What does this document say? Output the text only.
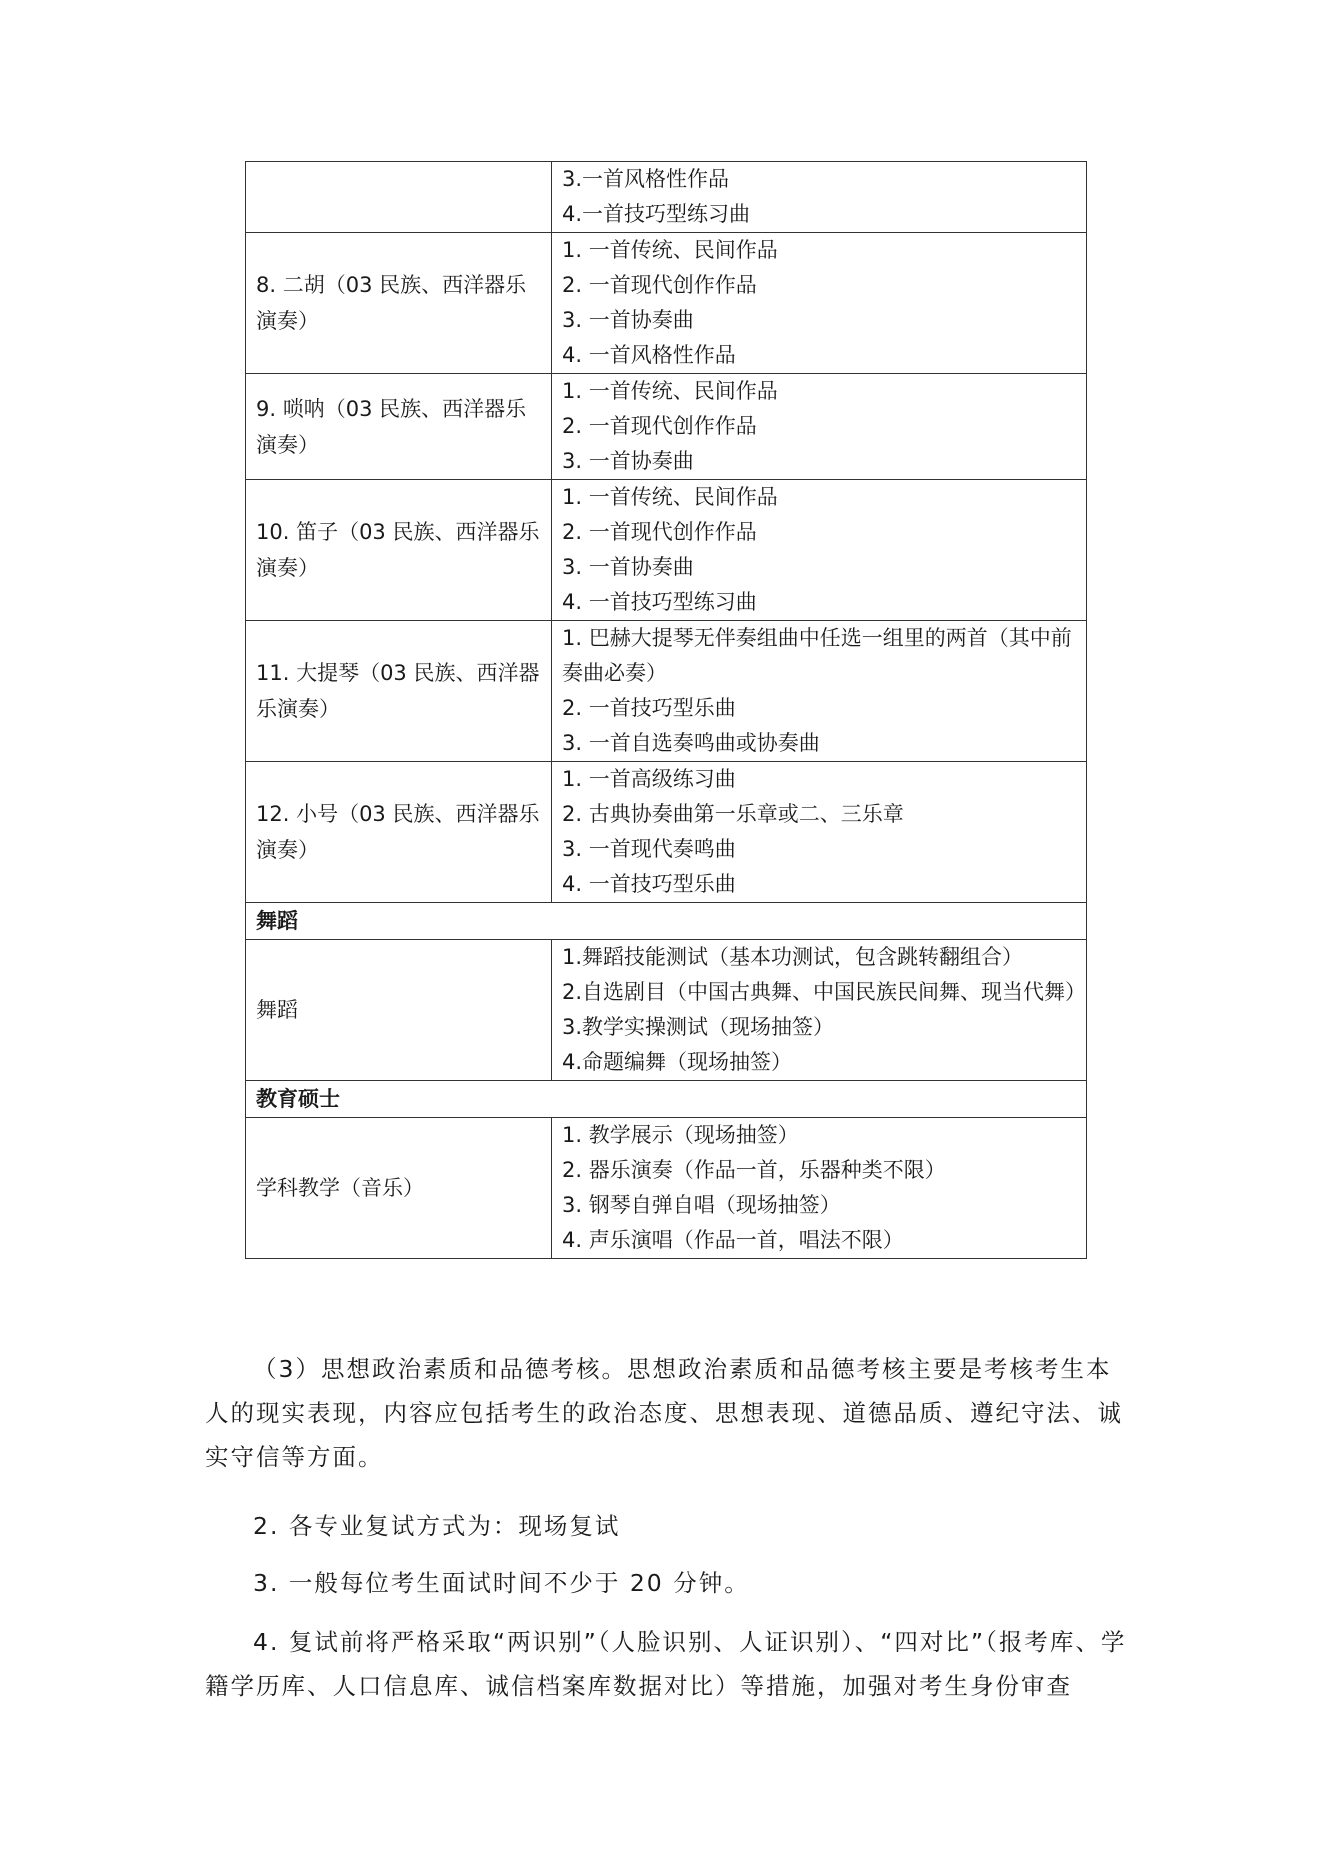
	3.一首风格性作品
4.一首技巧型练习曲

8. 二胡（03 民族、西洋器乐演奏）	1. 一首传统、民间作品
2. 一首现代创作作品
3. 一首协奏曲
4. 一首风格性作品

9. 唢呐（03 民族、西洋器乐演奏）	1. 一首传统、民间作品
2. 一首现代创作作品
3. 一首协奏曲

10. 笛子（03 民族、西洋器乐演奏）	1. 一首传统、民间作品
2. 一首现代创作作品
3. 一首协奏曲
4. 一首技巧型练习曲

11. 大提琴（03 民族、西洋器乐演奏）	1. 巴赫大提琴无伴奏组曲中任选一组里的两首（其中前奏曲必奏）
2. 一首技巧型乐曲
3. 一首自选奏鸣曲或协奏曲

12. 小号（03 民族、西洋器乐演奏）	1. 一首高级练习曲
2. 古典协奏曲第一乐章或二、三乐章
3. 一首现代奏鸣曲
4. 一首技巧型乐曲

舞蹈	
舞蹈	1.舞蹈技能测试（基本功测试，包含跳转翻组合）
2.自选剧目（中国古典舞、中国民族民间舞、现当代舞）
3.教学实操测试（现场抽签）
4.命题编舞（现场抽签）

教育硕士	
学科教学（音乐）	1. 教学展示（现场抽签）
2. 器乐演奏（作品一首，乐器种类不限）
3. 钢琴自弹自唱（现场抽签）
4. 声乐演唱（作品一首，唱法不限）

（3）思想政治素质和品德考核。思想政治素质和品德考核主要是考核考生本人的现实表现，内容应包括考生的政治态度、思想表现、道德品质、遵纪守法、诚实守信等方面。

2. 各专业复试方式为：现场复试

3. 一般每位考生面试时间不少于 20 分钟。

4. 复试前将严格采取“两识别”（人脸识别、人证识别）、“四对比”（报考库、学籍学历库、人口信息库、诚信档案库数据对比）等措施，加强对考生身份审查
